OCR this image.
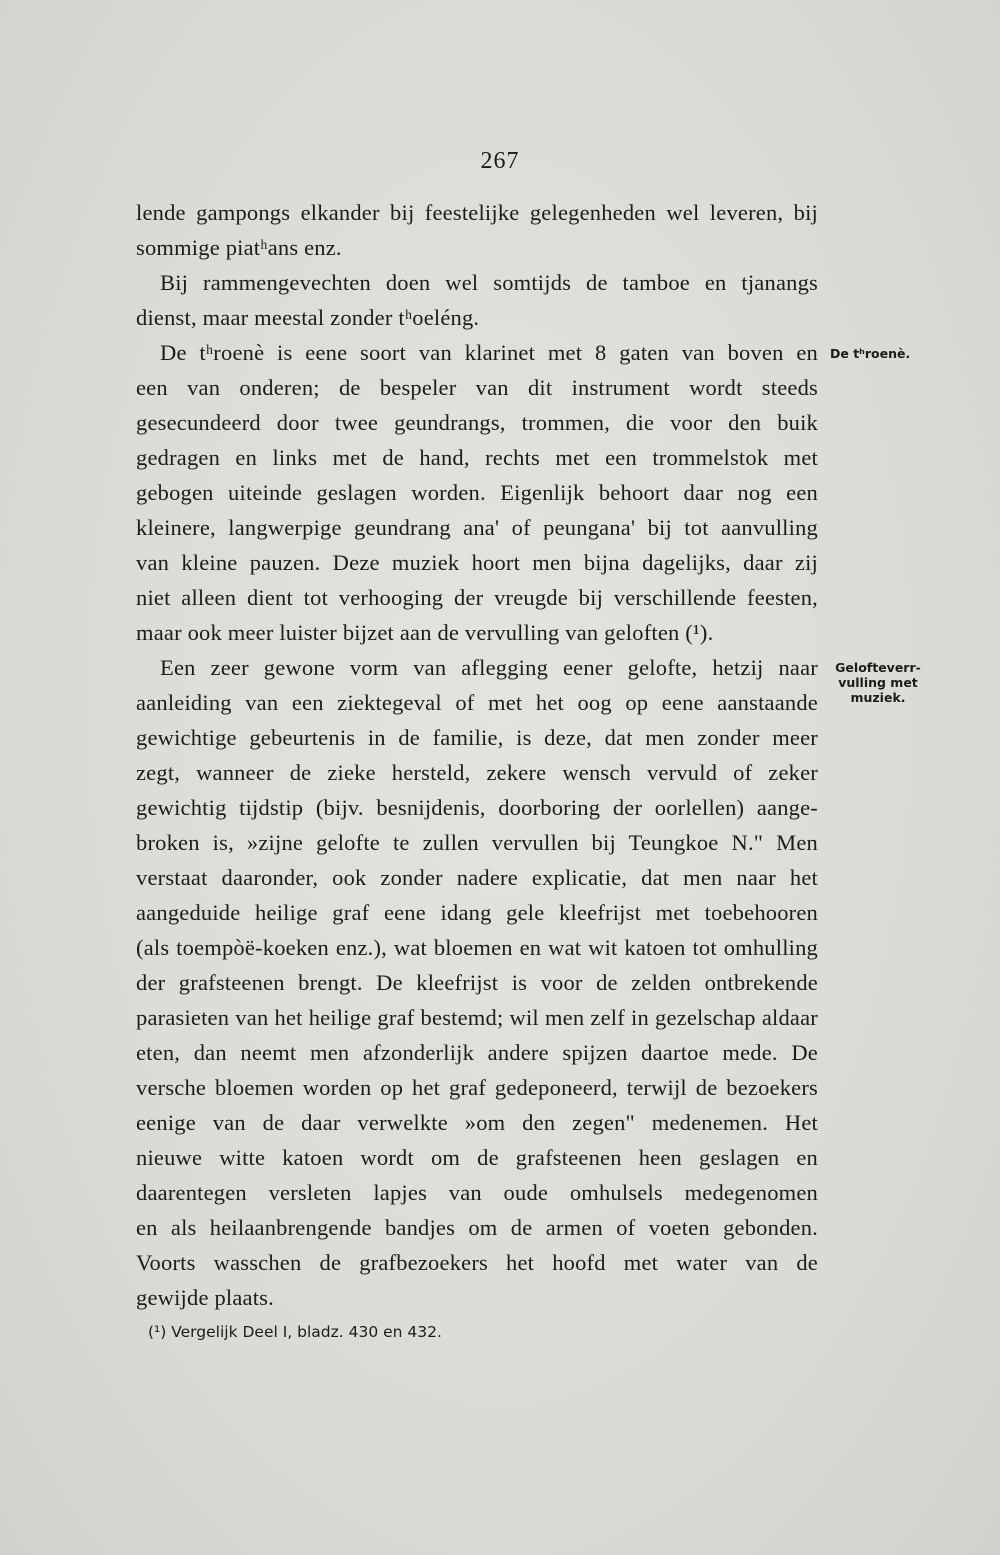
267
lende gampongs elkander bij feestelijke gelegenheden wel leveren, bij
sommige piatʰans enz.
Bij rammengevechten doen wel somtijds de tamboe en tjanangs
dienst, maar meestal zonder tʰoeléng.
De tʰroenè is eene soort van klarinet met 8 gaten van boven en
een van onderen; de bespeler van dit instrument wordt steeds
gesecundeerd door twee geundrangs, trommen, die voor den buik
gedragen en links met de hand, rechts met een trommelstok met
gebogen uiteinde geslagen worden. Eigenlijk behoort daar nog een
kleinere, langwerpige geundrang ana' of peungana' bij tot aanvulling
van kleine pauzen. Deze muziek hoort men bijna dagelijks, daar zij
niet alleen dient tot verhooging der vreugde bij verschillende feesten,
maar ook meer luister bijzet aan de vervulling van geloften (¹).
Een zeer gewone vorm van aflegging eener gelofte, hetzij naar
aanleiding van een ziektegeval of met het oog op eene aanstaande
gewichtige gebeurtenis in de familie, is deze, dat men zonder meer
zegt, wanneer de zieke hersteld, zekere wensch vervuld of zeker
gewichtig tijdstip (bijv. besnijdenis, doorboring der oorlellen) aange-
broken is, »zijne gelofte te zullen vervullen bij Teungkoe N." Men
verstaat daaronder, ook zonder nadere explicatie, dat men naar het
aangeduide heilige graf eene idang gele kleefrijst met toebehooren
(als toempòë-koeken enz.), wat bloemen en wat wit katoen tot omhulling
der grafsteenen brengt. De kleefrijst is voor de zelden ontbrekende
parasieten van het heilige graf bestemd; wil men zelf in gezelschap aldaar
eten, dan neemt men afzonderlijk andere spijzen daartoe mede. De
versche bloemen worden op het graf gedeponeerd, terwijl de bezoekers
eenige van de daar verwelkte »om den zegen" medenemen. Het
nieuwe witte katoen wordt om de grafsteenen heen geslagen en
daarentegen versleten lapjes van oude omhulsels medegenomen
en als heilaanbrengende bandjes om de armen of voeten gebonden.
Voorts wasschen de grafbezoekers het hoofd met water van de
gewijde plaats.
De tʰroenè.
Gelofteverr-
vulling met
muziek.
(¹) Vergelijk Deel I, bladz. 430 en 432.
